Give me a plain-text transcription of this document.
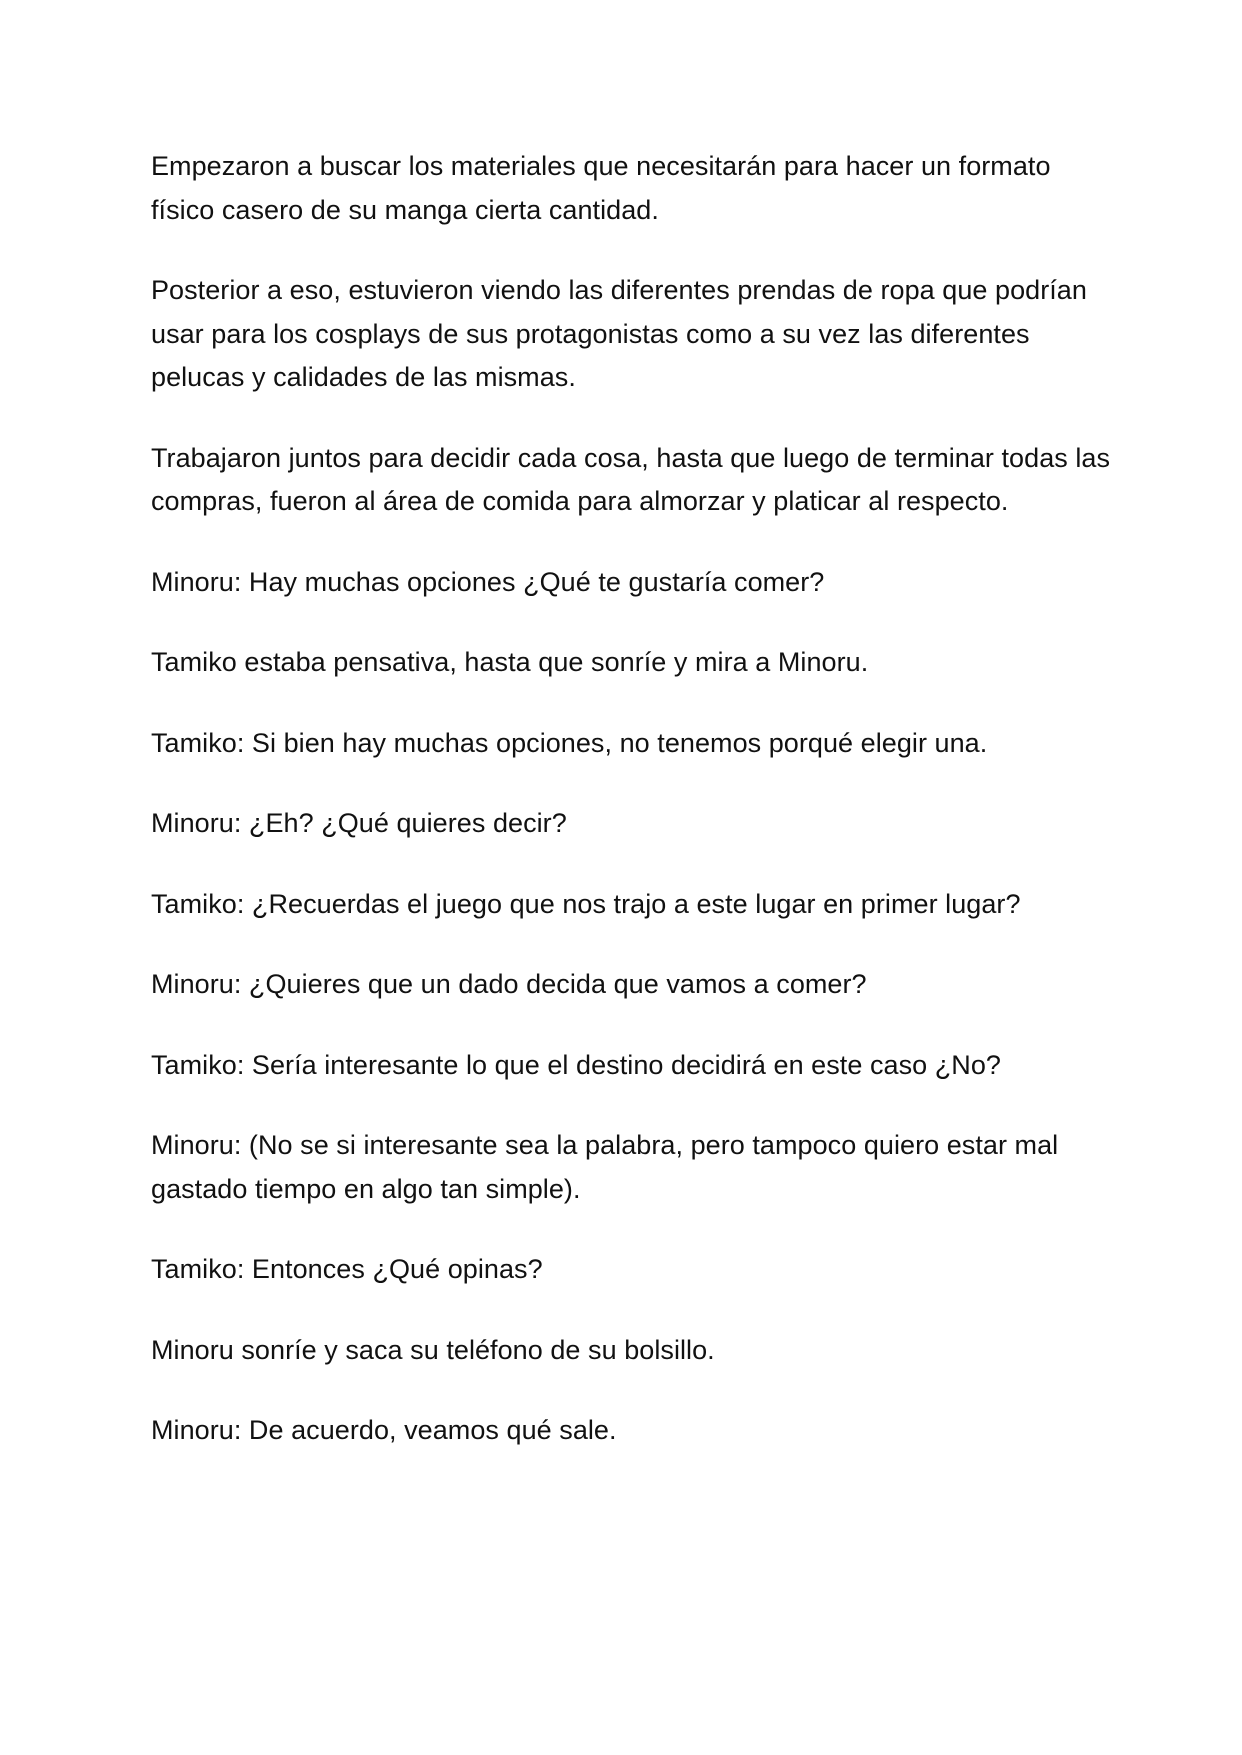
Empezaron a buscar los materiales que necesitarán para hacer un formato físico casero de su manga cierta cantidad.

Posterior a eso, estuvieron viendo las diferentes prendas de ropa que podrían usar para los cosplays de sus protagonistas como a su vez las diferentes pelucas y calidades de las mismas.

Trabajaron juntos para decidir cada cosa, hasta que luego de terminar todas las compras, fueron al área de comida para almorzar y platicar al respecto.

Minoru: Hay muchas opciones ¿Qué te gustaría comer?

Tamiko estaba pensativa, hasta que sonríe y mira a Minoru.

Tamiko: Si bien hay muchas opciones, no tenemos porqué elegir una.

Minoru: ¿Eh? ¿Qué quieres decir?

Tamiko: ¿Recuerdas el juego que nos trajo a este lugar en primer lugar?

Minoru: ¿Quieres que un dado decida que vamos a comer?

Tamiko: Sería interesante lo que el destino decidirá en este caso ¿No?

Minoru: (No se si interesante sea la palabra, pero tampoco quiero estar mal gastado tiempo en algo tan simple).

Tamiko: Entonces ¿Qué opinas?

Minoru sonríe y saca su teléfono de su bolsillo.

Minoru: De acuerdo, veamos qué sale.
